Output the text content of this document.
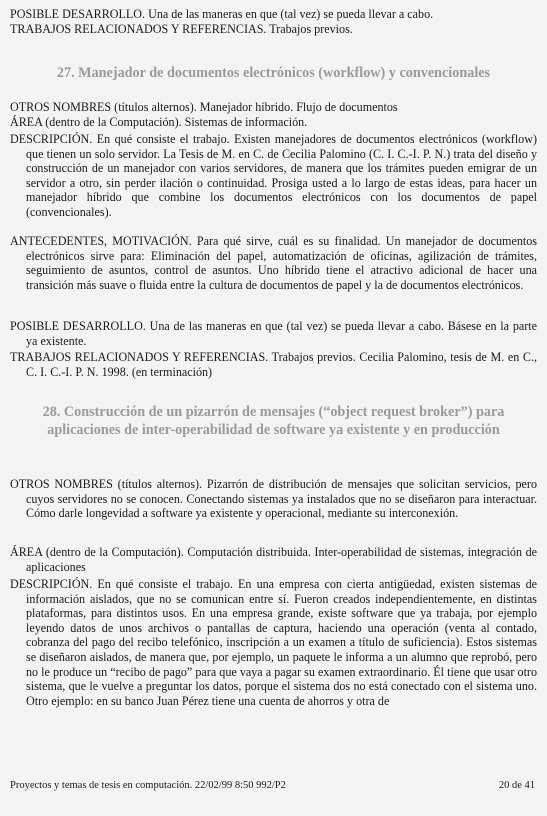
POSIBLE DESARROLLO. Una de las maneras en que (tal vez) se pueda llevar a cabo.
TRABAJOS RELACIONADOS Y REFERENCIAS. Trabajos previos.
27. Manejador de documentos electrónicos (workflow) y convencionales
OTROS NOMBRES (títulos alternos). Manejador híbrido. Flujo de documentos
ÁREA (dentro de la Computación). Sistemas de información.
DESCRIPCIÓN. En qué consiste el trabajo. Existen manejadores de documentos electrónicos (workflow) que tienen un solo servidor. La Tesis de M. en C. de Cecilia Palomino (C. I. C.-I. P. N.) trata del diseño y construcción de un manejador con varios servidores, de manera que los trámites pueden emigrar de un servidor a otro, sin perder ilación o continuidad. Prosiga usted a lo largo de estas ideas, para hacer un manejador híbrido que combine los documentos electrónicos con los documentos de papel (convencionales).
ANTECEDENTES, MOTIVACIÓN. Para qué sirve, cuál es su finalidad. Un manejador de documentos electrónicos sirve para: Eliminación del papel, automatización de oficinas, agilización de trámites, seguimiento de asuntos, control de asuntos. Uno híbrido tiene el atractivo adicional de hacer una transición más suave o fluida entre la cultura de documentos de papel y la de documentos electrónicos.
POSIBLE DESARROLLO. Una de las maneras en que (tal vez) se pueda llevar a cabo. Básese en la parte ya existente.
TRABAJOS RELACIONADOS Y REFERENCIAS. Trabajos previos. Cecilia Palomino, tesis de M. en C., C. I. C.-I. P. N. 1998. (en terminación)
28. Construcción de un pizarrón de mensajes (“object request broker”) para aplicaciones de inter-operabilidad de software ya existente y en producción
OTROS NOMBRES (títulos alternos). Pizarrón de distribución de mensajes que solicitan servicios, pero cuyos servidores no se conocen. Conectando sistemas ya instalados que no se diseñaron para interactuar. Cómo darle longevidad a software ya existente y operacional, mediante su interconexión.
ÁREA (dentro de la Computación). Computación distribuida. Inter-operabilidad de sistemas, integración de aplicaciones
DESCRIPCIÓN. En qué consiste el trabajo. En una empresa con cierta antigüedad, existen sistemas de información aislados, que no se comunican entre sí. Fueron creados independientemente, en distintas plataformas, para distintos usos. En una empresa grande, existe software que ya trabaja, por ejemplo leyendo datos de unos archivos o pantallas de captura, haciendo una operación (venta al contado, cobranza del pago del recibo telefónico, inscripción a un examen a título de suficiencia). Estos sistemas se diseñaron aislados, de manera que, por ejemplo, un paquete le informa a un alumno que reprobó, pero no le produce un “recibo de pago” para que vaya a pagar su examen extraordinario. Él tiene que usar otro sistema, que le vuelve a preguntar los datos, porque el sistema dos no está conectado con el sistema uno. Otro ejemplo: en su banco Juan Pérez tiene una cuenta de ahorros y otra de
Proyectos y temas de tesis en computación. 22/02/99 8:50 992/P2	20 de 41
